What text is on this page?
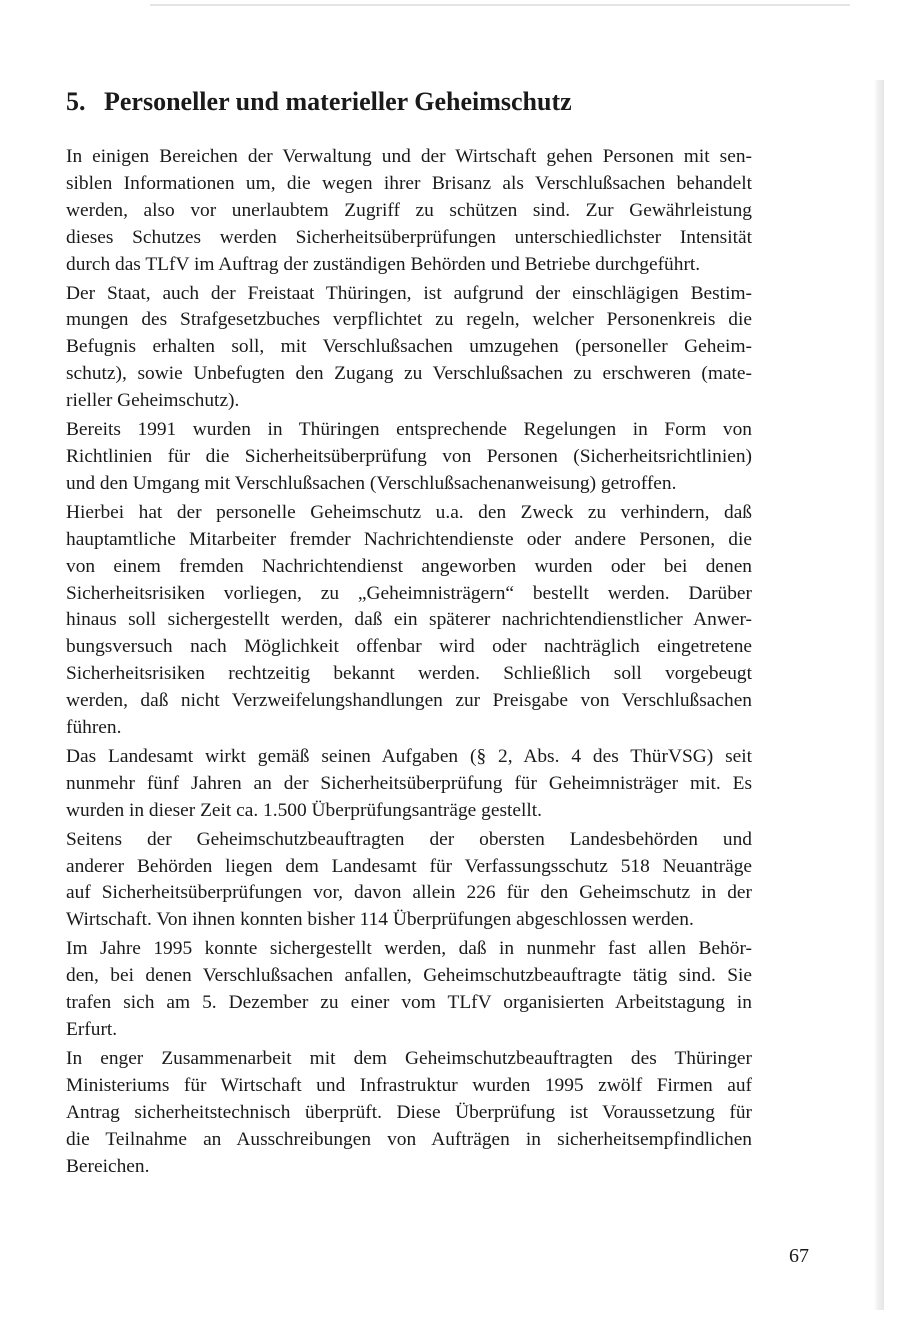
5. Personeller und materieller Geheimschutz

In einigen Bereichen der Verwaltung und der Wirtschaft gehen Personen mit sen-
siblen Informationen um, die wegen ihrer Brisanz als Verschlußsachen behandelt
werden, also vor unerlaubtem Zugriff zu schützen sind. Zur Gewährleistung
dieses Schutzes werden Sicherheitsüberprüfungen unterschiedlichster Intensität
durch das TLfV im Auftrag der zuständigen Behörden und Betriebe durchgeführt.

Der Staat, auch der Freistaat Thüringen, ist aufgrund der einschlägigen Bestim-
mungen des Strafgesetzbuches verpflichtet zu regeln, welcher Personenkreis die
Befugnis erhalten soll, mit Verschlußsachen umzugehen (personeller Geheim-
schutz), sowie Unbefugten den Zugang zu Verschlußsachen zu erschweren (mate-
rieller Geheimschutz).

Bereits 1991 wurden in Thüringen entsprechende Regelungen in Form von
Richtlinien für die Sicherheitsüberprüfung von Personen (Sicherheitsrichtlinien)
und den Umgang mit Verschlußsachen (Verschlußsachenanweisung) getroffen.

Hierbei hat der personelle Geheimschutz u.a. den Zweck zu verhindern, daß
hauptamtliche Mitarbeiter fremder Nachrichtendienste oder andere Personen, die
von einem fremden Nachrichtendienst angeworben wurden oder bei denen
Sicherheitsrisiken vorliegen, zu „Geheimnisträgern“ bestellt werden. Darüber
hinaus soll sichergestellt werden, daß ein späterer nachrichtendienstlicher Anwer-
bungsversuch nach Möglichkeit offenbar wird oder nachträglich eingetretene
Sicherheitsrisiken rechtzeitig bekannt werden. Schließlich soll vorgebeugt
werden, daß nicht Verzweifelungshandlungen zur Preisgabe von Verschlußsachen
führen.

Das Landesamt wirkt gemäß seinen Aufgaben (§ 2, Abs. 4 des ThürVSG) seit
nunmehr fünf Jahren an der Sicherheitsüberprüfung für Geheimnisträger mit. Es
wurden in dieser Zeit ca. 1.500 Überprüfungsanträge gestellt.

Seitens der Geheimschutzbeauftragten der obersten Landesbehörden und
anderer Behörden liegen dem Landesamt für Verfassungsschutz 518 Neuanträge
auf Sicherheitsüberprüfungen vor, davon allein 226 für den Geheimschutz in der
Wirtschaft. Von ihnen konnten bisher 114 Überprüfungen abgeschlossen werden.

Im Jahre 1995 konnte sichergestellt werden, daß in nunmehr fast allen Behör-
den, bei denen Verschlußsachen anfallen, Geheimschutzbeauftragte tätig sind. Sie
trafen sich am 5. Dezember zu einer vom TLfV organisierten Arbeitstagung in
Erfurt.

In enger Zusammenarbeit mit dem Geheimschutzbeauftragten des Thüringer
Ministeriums für Wirtschaft und Infrastruktur wurden 1995 zwölf Firmen auf
Antrag sicherheitstechnisch überprüft. Diese Überprüfung ist Voraussetzung für
die Teilnahme an Ausschreibungen von Aufträgen in sicherheitsempfindlichen
Bereichen.

67
